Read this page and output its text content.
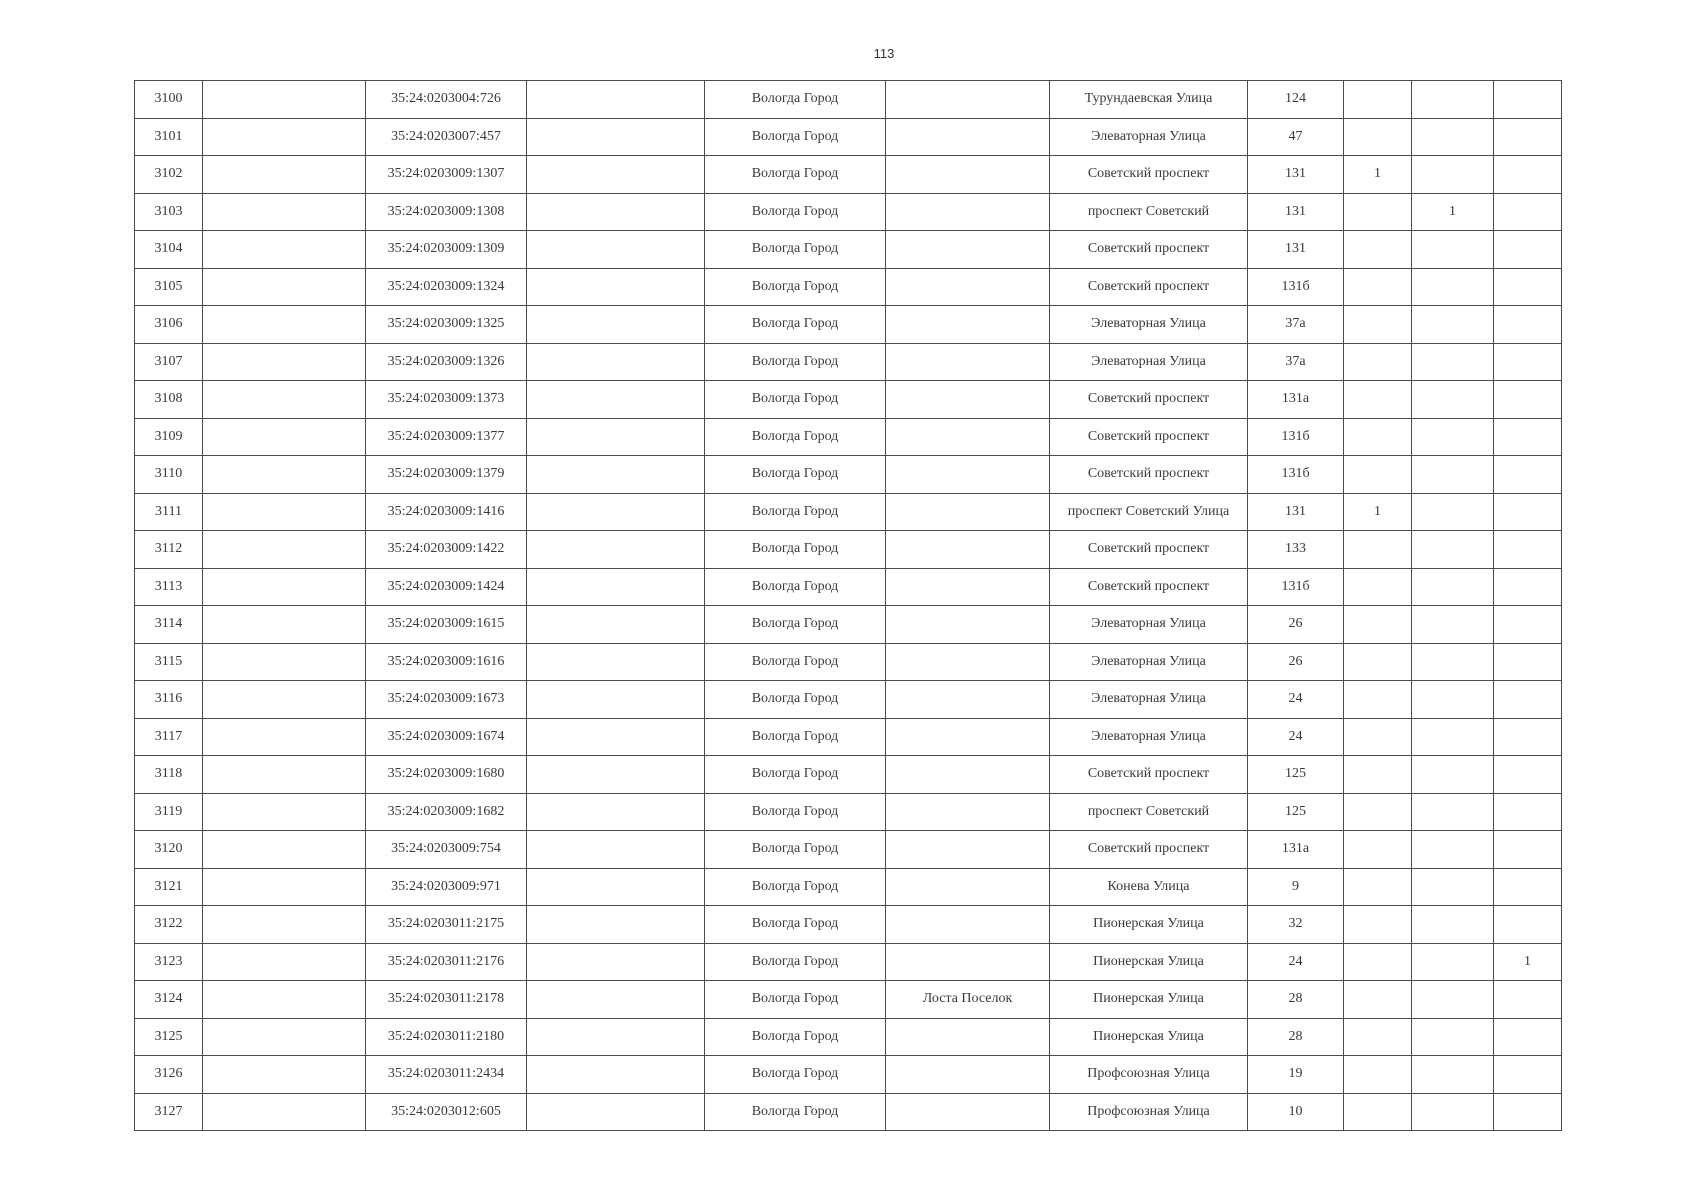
113
3100		35:24:0203004:726		Вологда Город		Турундаевская Улица	124			
3101		35:24:0203007:457		Вологда Город		Элеваторная Улица	47			
3102		35:24:0203009:1307		Вологда Город		Советский проспект	131	1		
3103		35:24:0203009:1308		Вологда Город		проспект Советский	131		1	
3104		35:24:0203009:1309		Вологда Город		Советский проспект	131			
3105		35:24:0203009:1324		Вологда Город		Советский проспект	131б			
3106		35:24:0203009:1325		Вологда Город		Элеваторная Улица	37а			
3107		35:24:0203009:1326		Вологда Город		Элеваторная Улица	37а			
3108		35:24:0203009:1373		Вологда Город		Советский проспект	131а			
3109		35:24:0203009:1377		Вологда Город		Советский проспект	131б			
3110		35:24:0203009:1379		Вологда Город		Советский проспект	131б			
3111		35:24:0203009:1416		Вологда Город		проспект Советский Улица	131	1		
3112		35:24:0203009:1422		Вологда Город		Советский проспект	133			
3113		35:24:0203009:1424		Вологда Город		Советский проспект	131б			
3114		35:24:0203009:1615		Вологда Город		Элеваторная Улица	26			
3115		35:24:0203009:1616		Вологда Город		Элеваторная Улица	26			
3116		35:24:0203009:1673		Вологда Город		Элеваторная Улица	24			
3117		35:24:0203009:1674		Вологда Город		Элеваторная Улица	24			
3118		35:24:0203009:1680		Вологда Город		Советский проспект	125			
3119		35:24:0203009:1682		Вологда Город		проспект Советский	125			
3120		35:24:0203009:754		Вологда Город		Советский проспект	131а			
3121		35:24:0203009:971		Вологда Город		Конева Улица	9			
3122		35:24:0203011:2175		Вологда Город		Пионерская Улица	32			
3123		35:24:0203011:2176		Вологда Город		Пионерская Улица	24			1
3124		35:24:0203011:2178		Вологда Город	Лоста Поселок	Пионерская Улица	28			
3125		35:24:0203011:2180		Вологда Город		Пионерская Улица	28			
3126		35:24:0203011:2434		Вологда Город		Профсоюзная Улица	19			
3127		35:24:0203012:605		Вологда Город		Профсоюзная Улица	10			
